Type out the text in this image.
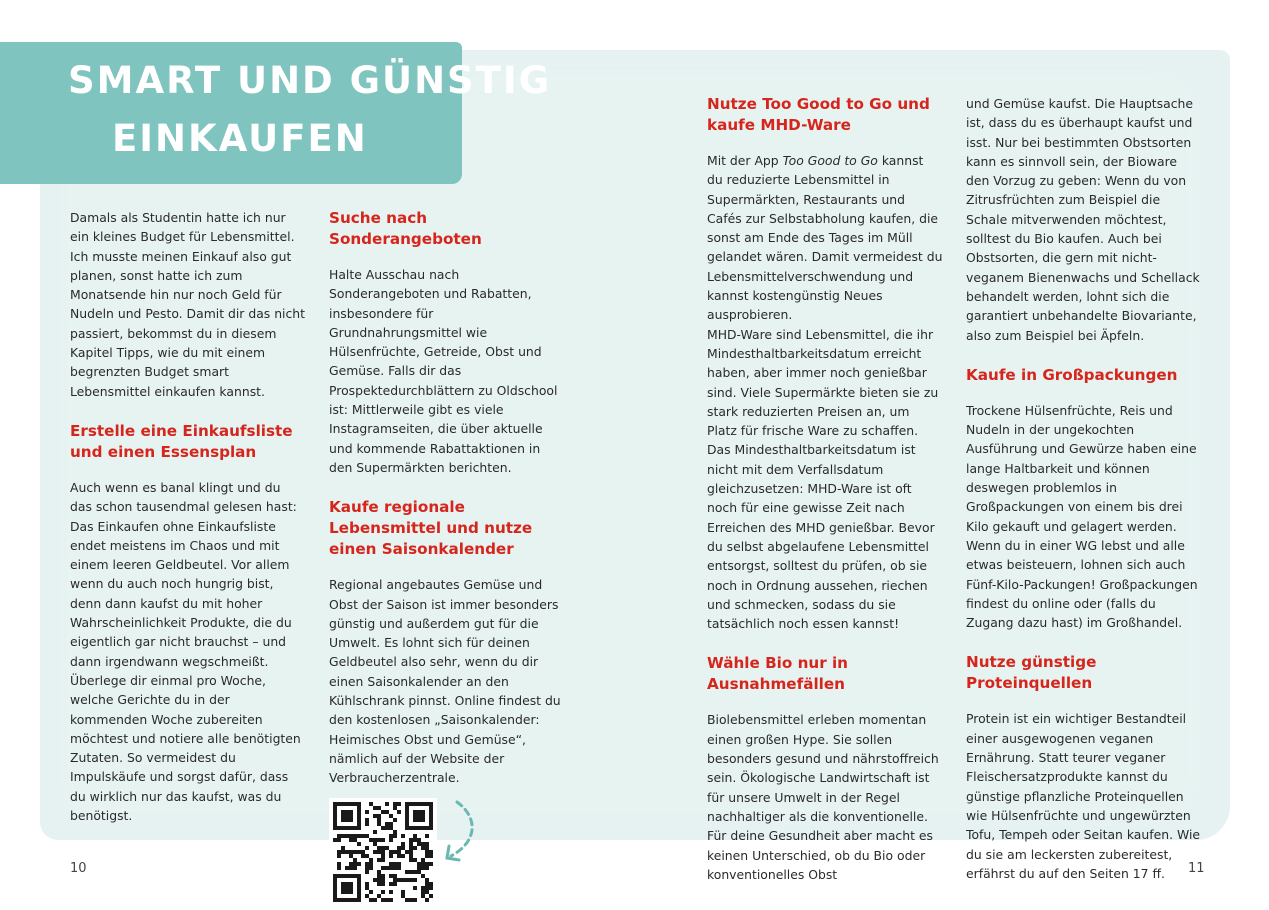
SMART UND GÜNSTIG
EINKAUFEN

Damals als Studentin hatte ich nur ein kleines Budget für Lebensmittel. Ich musste meinen Einkauf also gut planen, sonst hatte ich zum Monatsende hin nur noch Geld für Nudeln und Pesto. Damit dir das nicht passiert, bekommst du in diesem Kapitel Tipps, wie du mit einem begrenzten Budget smart Lebensmittel einkaufen kannst.

Erstelle eine Einkaufsliste und einen Essensplan

Auch wenn es banal klingt und du das schon tausendmal gelesen hast: Das Einkaufen ohne Einkaufsliste endet meistens im Chaos und mit einem leeren Geldbeutel. Vor allem wenn du auch noch hungrig bist, denn dann kaufst du mit hoher Wahrscheinlichkeit Produkte, die du eigentlich gar nicht brauchst – und dann irgendwann wegschmeißt.

Überlege dir einmal pro Woche, welche Gerichte du in der kommenden Woche zubereiten möchtest und notiere alle benötigten Zutaten. So vermeidest du Impulskäufe und sorgst dafür, dass du wirklich nur das kaufst, was du benötigst.

Suche nach Sonderangeboten

Halte Ausschau nach Sonderangeboten und Rabatten, insbesondere für Grundnahrungsmittel wie Hülsenfrüchte, Getreide, Obst und Gemüse. Falls dir das Prospektedurchblättern zu Oldschool ist: Mittlerweile gibt es viele Instagramseiten, die über aktuelle und kommende Rabattaktionen in den Supermärkten berichten.

Kaufe regionale Lebensmittel und nutze einen Saisonkalender

Regional angebautes Gemüse und Obst der Saison ist immer besonders günstig und außerdem gut für die Umwelt. Es lohnt sich für deinen Geldbeutel also sehr, wenn du dir einen Saisonkalender an den Kühlschrank pinnst. Online findest du den kostenlosen „Saisonkalender: Heimisches Obst und Gemüse“, nämlich auf der Website der Verbraucherzentrale.

Nutze Too Good to Go und kaufe MHD-Ware

Mit der App Too Good to Go kannst du reduzierte Lebensmittel in Supermärkten, Restaurants und Cafés zur Selbstabholung kaufen, die sonst am Ende des Tages im Müll gelandet wären. Damit vermeidest du Lebensmittelverschwendung und kannst kostengünstig Neues ausprobieren.

MHD-Ware sind Lebensmittel, die ihr Mindesthaltbarkeitsdatum erreicht haben, aber immer noch genießbar sind. Viele Supermärkte bieten sie zu stark reduzierten Preisen an, um Platz für frische Ware zu schaffen.

Das Mindesthaltbarkeitsdatum ist nicht mit dem Verfallsdatum gleichzusetzen: MHD-Ware ist oft noch für eine gewisse Zeit nach Erreichen des MHD genießbar. Bevor du selbst abgelaufene Lebensmittel entsorgst, solltest du prüfen, ob sie noch in Ordnung aussehen, riechen und schmecken, sodass du sie tatsächlich noch essen kannst!

Wähle Bio nur in Ausnahmefällen

Biolebensmittel erleben momentan einen großen Hype. Sie sollen besonders gesund und nährstoffreich sein. Ökologische Landwirtschaft ist für unsere Umwelt in der Regel nachhaltiger als die konventionelle. Für deine Gesundheit aber macht es keinen Unterschied, ob du Bio oder konventionelles Obst

und Gemüse kaufst. Die Hauptsache ist, dass du es überhaupt kaufst und isst. Nur bei bestimmten Obstsorten kann es sinnvoll sein, der Bioware den Vorzug zu geben: Wenn du von Zitrusfrüchten zum Beispiel die Schale mitverwenden möchtest, solltest du Bio kaufen. Auch bei Obstsorten, die gern mit nicht-veganem Bienenwachs und Schellack behandelt werden, lohnt sich die garantiert unbehandelte Biovariante, also zum Beispiel bei Äpfeln.

Kaufe in Großpackungen

Trockene Hülsenfrüchte, Reis und Nudeln in der ungekochten Ausführung und Gewürze haben eine lange Haltbarkeit und können deswegen problemlos in Großpackungen von einem bis drei Kilo gekauft und gelagert werden. Wenn du in einer WG lebst und alle etwas beisteuern, lohnen sich auch Fünf-Kilo-Packungen! Großpackungen findest du online oder (falls du Zugang dazu hast) im Großhandel.

Nutze günstige Proteinquellen

Protein ist ein wichtiger Bestandteil einer ausgewogenen veganen Ernährung. Statt teurer veganer Fleischersatzprodukte kannst du günstige pflanzliche Proteinquellen wie Hülsenfrüchte und ungewürzten Tofu, Tempeh oder Seitan kaufen. Wie du sie am leckersten zubereitest, erfährst du auf den Seiten 17 ff.

10	11
